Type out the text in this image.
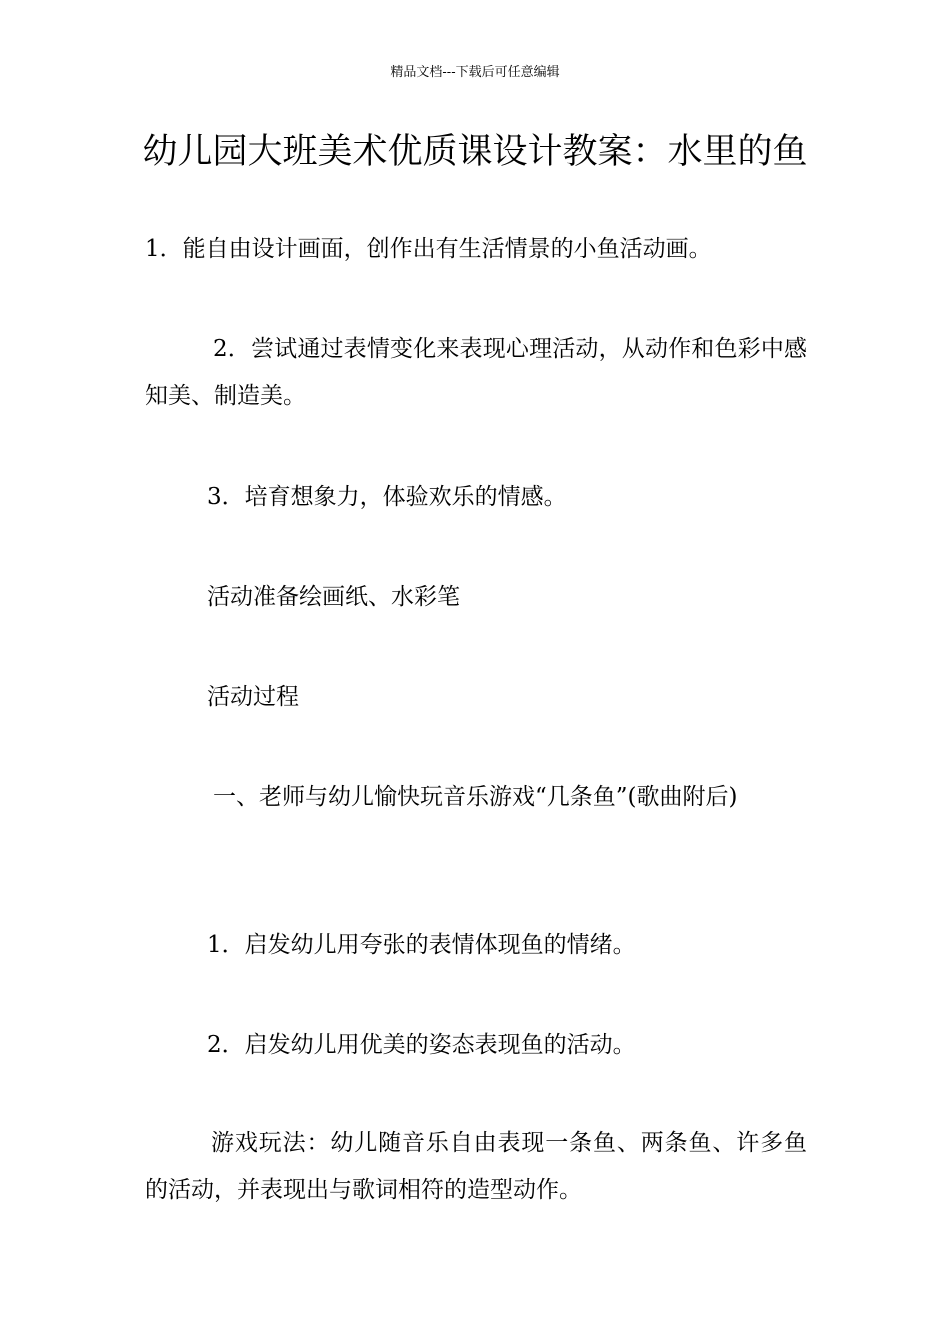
精品文档---下载后可任意编辑
幼儿园大班美术优质课设计教案：水里的鱼

1．能自由设计画面，创作出有生活情景的小鱼活动画。

2．尝试通过表情变化来表现心理活动，从动作和色彩中感知美、制造美。

3．培育想象力，体验欢乐的情感。

活动准备绘画纸、水彩笔

活动过程

一、老师与幼儿愉快玩音乐游戏“几条鱼”(歌曲附后)

1．启发幼儿用夸张的表情体现鱼的情绪。

2．启发幼儿用优美的姿态表现鱼的活动。

游戏玩法：幼儿随音乐自由表现一条鱼、两条鱼、许多鱼的活动，并表现出与歌词相符的造型动作。
